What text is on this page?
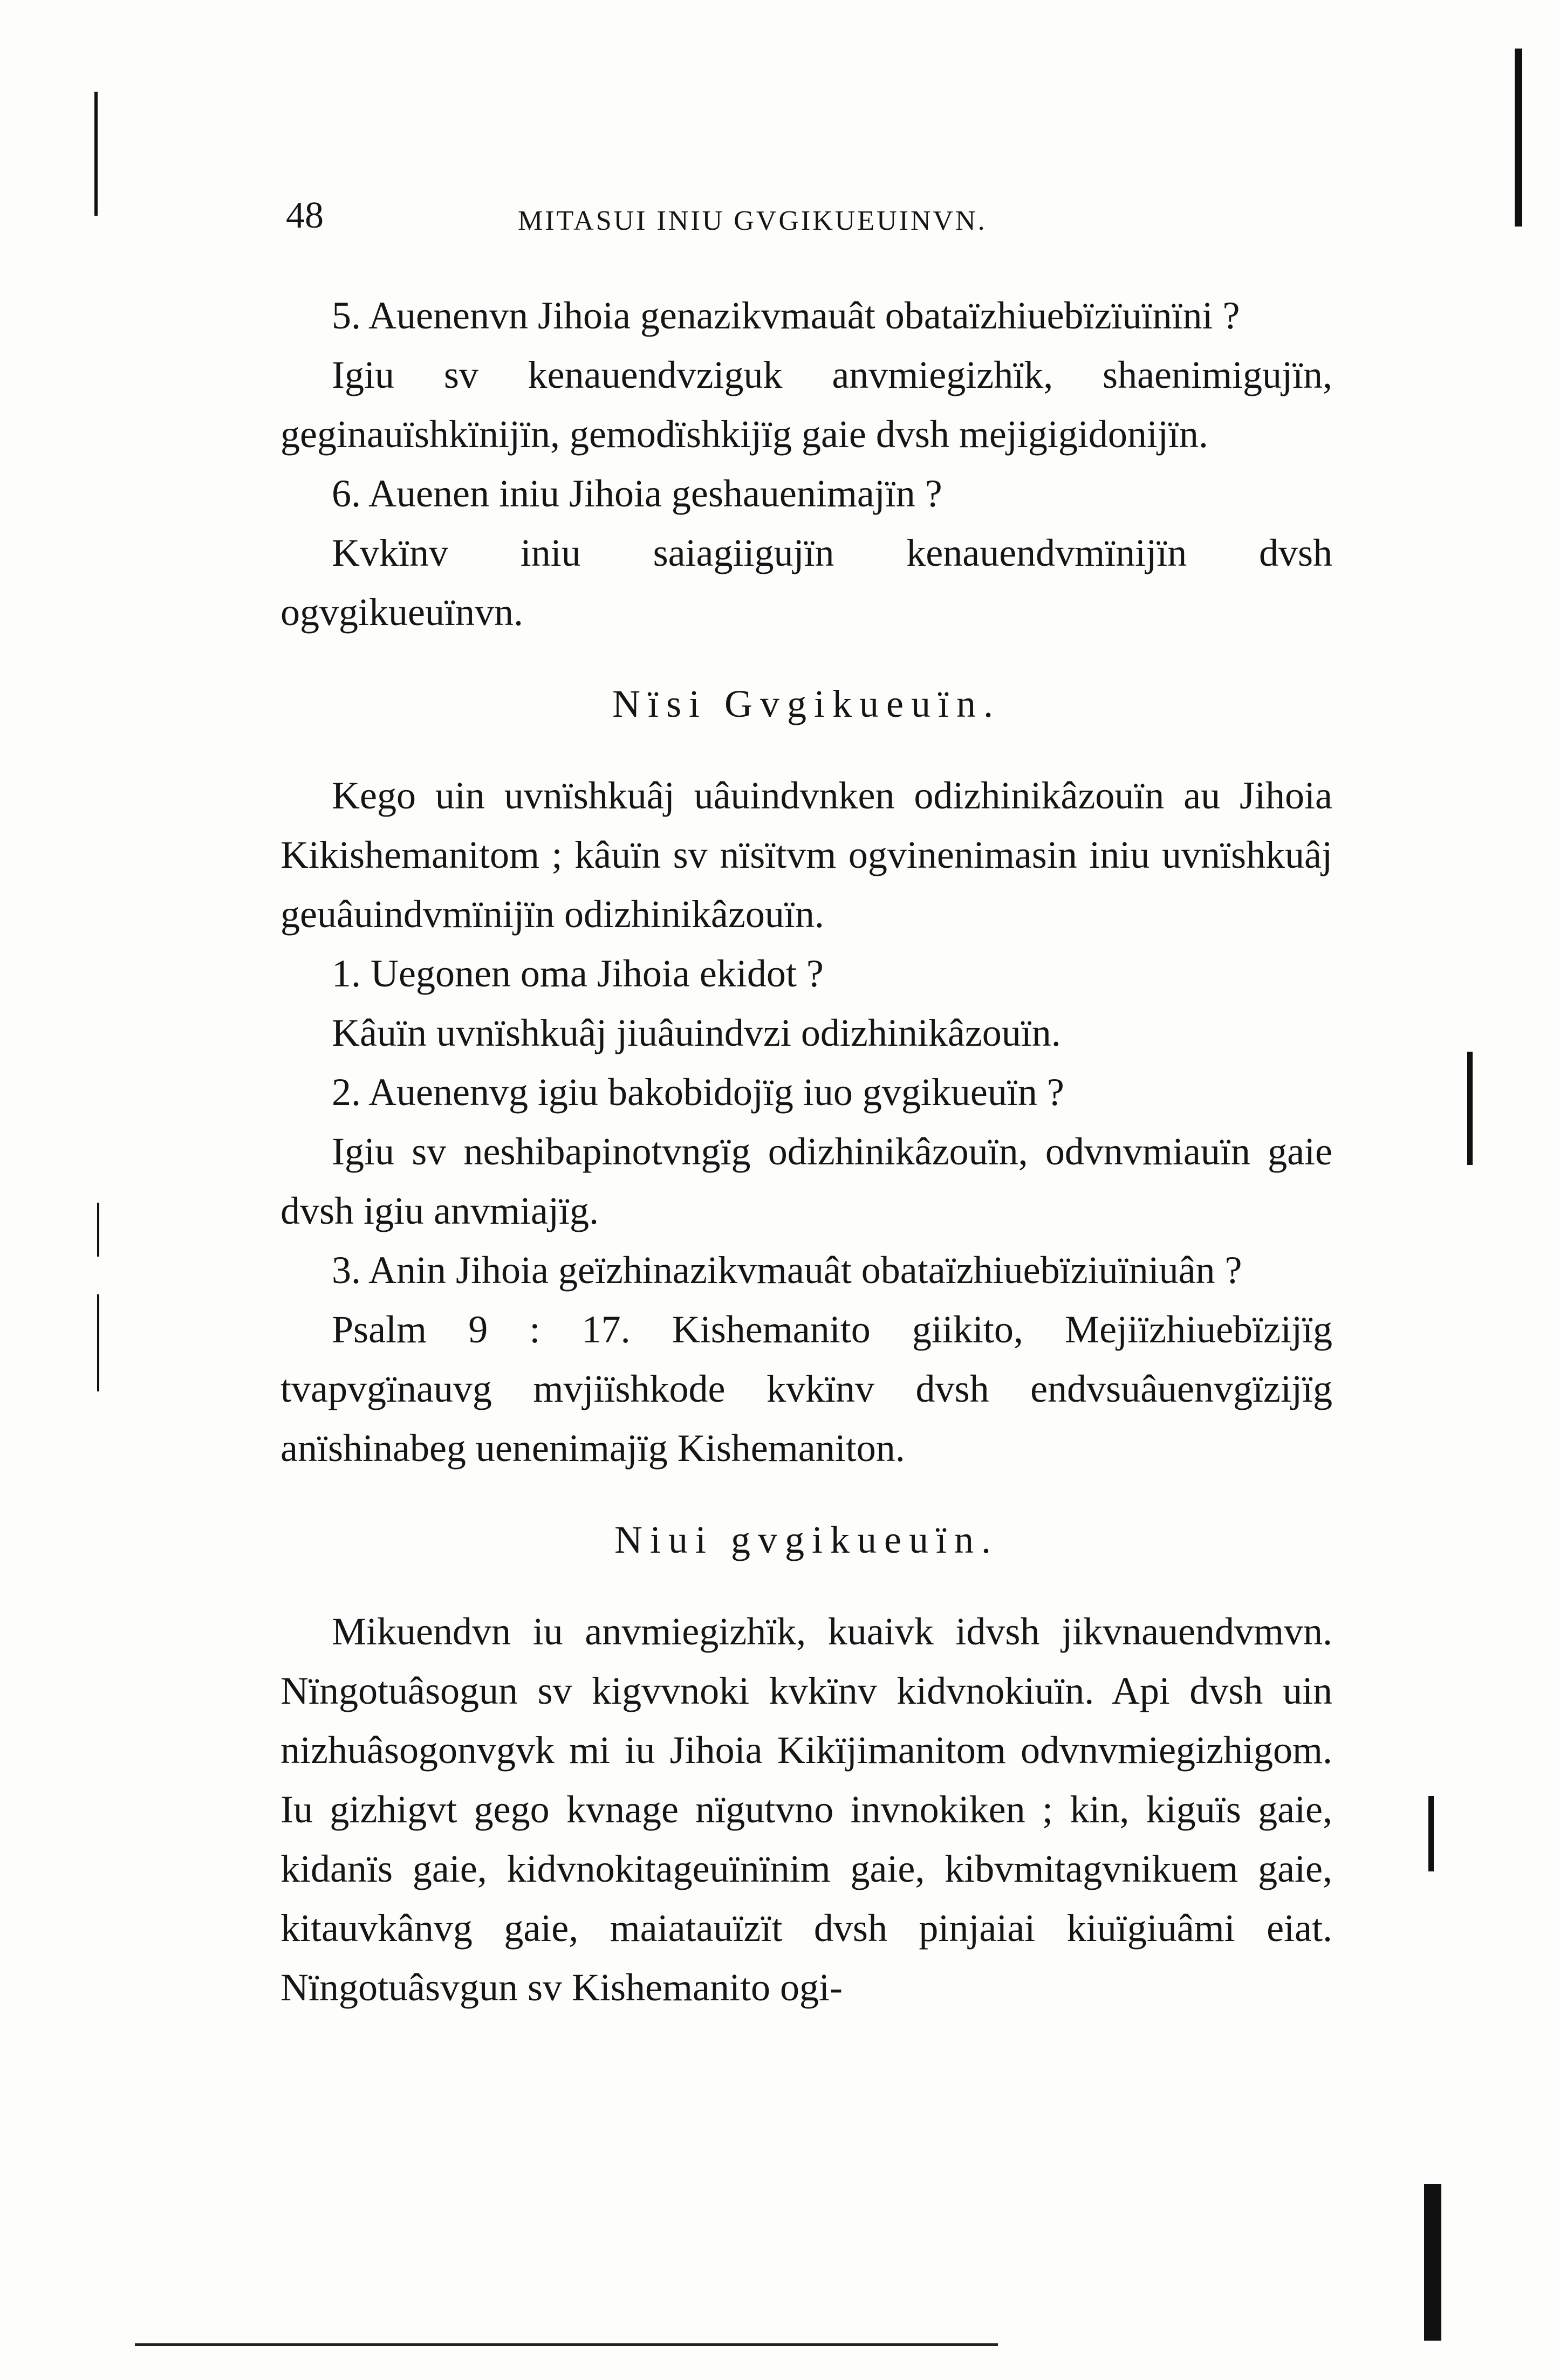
48	MITASUI INIU GVGIKUEUINVN.

5. Auenenvn Jihoia genazikvmauât obataïzhiuebïzïuïnïni ?

Igiu sv kenauendvziguk anvmiegizhïk, shaenimigujïn, geginauïshkïnijïn, gemodïshkijïg gaie dvsh mejigigidonijïn.

6. Auenen iniu Jihoia geshauenimajïn ?

Kvkïnv iniu saiagiigujïn kenauendvmïnijïn dvsh ogvgikueuïnvn.

Nïsi Gvgikueuïn.

Kego uin uvnïshkuâj uâuindvnken odizhinikâzouïn au Jihoia Kikishemanitom ; kâuïn sv nïsïtvm ogvinenimasin iniu uvnïshkuâj geuâuindvmïnijïn odizhinikâzouïn.

1. Uegonen oma Jihoia ekidot ?

Kâuïn uvnïshkuâj jiuâuindvzi odizhinikâzouïn.

2. Auenenvg igiu bakobidojïg iuo gvgikueuïn ?

Igiu sv neshibapinotvngïg odizhinikâzouïn, odvnvmiauïn gaie dvsh igiu anvmiajïg.

3. Anin Jihoia geïzhinazikvmauât obataïzhiuebïziuïniuân ?

Psalm 9 : 17. Kishemanito giikito, Mejiïzhiuebïzijïg tvapvgïnauvg mvjiïshkode kvkïnv dvsh endvsuâuenvgïzijïg anïshinabeg uenenimajïg Kishemaniton.

Niui gvgikueuïn.

Mikuendvn iu anvmiegizhïk, kuaivk idvsh jikvnauendvmvn. Nïngotuâsogun sv kigvvnoki kvkïnv kidvnokiuïn. Api dvsh uin nizhuâsogonvgvk mi iu Jihoia Kikïjimanitom odvnvmiegizhigom. Iu gizhigvt gego kvnage nïgutvno invnokiken ; kin, kiguïs gaie, kidanïs gaie, kidvnokitageuïnïnim gaie, kibvmitagvnikuem gaie, kitauvkânvg gaie, maiatauïzït dvsh pinjaiai kiuïgiuâmi eiat. Nïngotuâsvgun sv Kishemanito ogi-
